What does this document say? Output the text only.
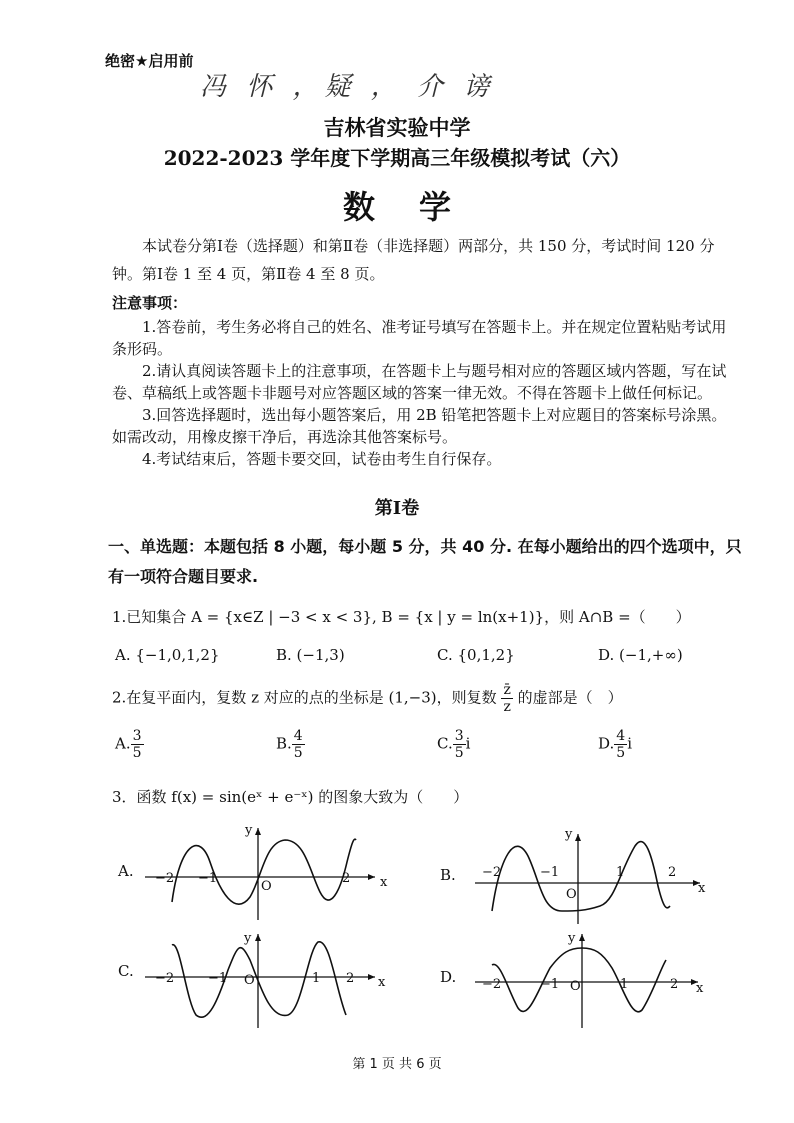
绝密★启用前
冯 怀 ，疑 ， 介 谤
吉林省实验中学
2022-2023 学年度下学期高三年级模拟考试（六）
数学
本试卷分第Ⅰ卷（选择题）和第Ⅱ卷（非选择题）两部分，共 150 分，考试时间 120 分钟。第Ⅰ卷 1 至 4 页，第Ⅱ卷 4 至 8 页。
注意事项：

1.答卷前，考生务必将自己的姓名、准考证号填写在答题卡上。并在规定位置粘贴考试用条形码。

2.请认真阅读答题卡上的注意事项，在答题卡上与题号相对应的答题区域内答题，写在试卷、草稿纸上或答题卡非题号对应答题区域的答案一律无效。不得在答题卡上做任何标记。

3.回答选择题时，选出每小题答案后，用 2B 铅笔把答题卡上对应题目的答案标号涂黑。如需改动，用橡皮擦干净后，再选涂其他答案标号。

4.考试结束后，答题卡要交回，试卷由考生自行保存。

第Ⅰ卷
一、单选题：本题包括 8 小题，每小题 5 分，共 40 分. 在每小题给出的四个选项中，只有一项符合题目要求.
1.已知集合 A = {x∈Z | −3 < x < 3}, B = {x | y = ln(x+1)}，则 A∩B =（　　）
A. {−1,0,1,2}	B. (−1,3)	C. {0,1,2}	D. (−1,+∞)
2.在复平面内，复数 z 对应的点的坐标是 (1,−3)，则复数 $\frac{z̄}{z}$ 的虚部是（　）
A. $\frac{3}{5}$	B. $\frac{4}{5}$	C. $\frac{3}{5}$ i	D. $\frac{4}{5}$ i
3．函数 f(x) = sin(eˣ + e⁻ˣ) 的图象大致为（　　）
A.
x
y
O
−2 −1	2	B.
x
y
O
−2	−1	1	2
C.
x
y
O
−2	−1	1 2	D.
x
y
O
−2	−1	1	2
第 1 页 共 6 页
